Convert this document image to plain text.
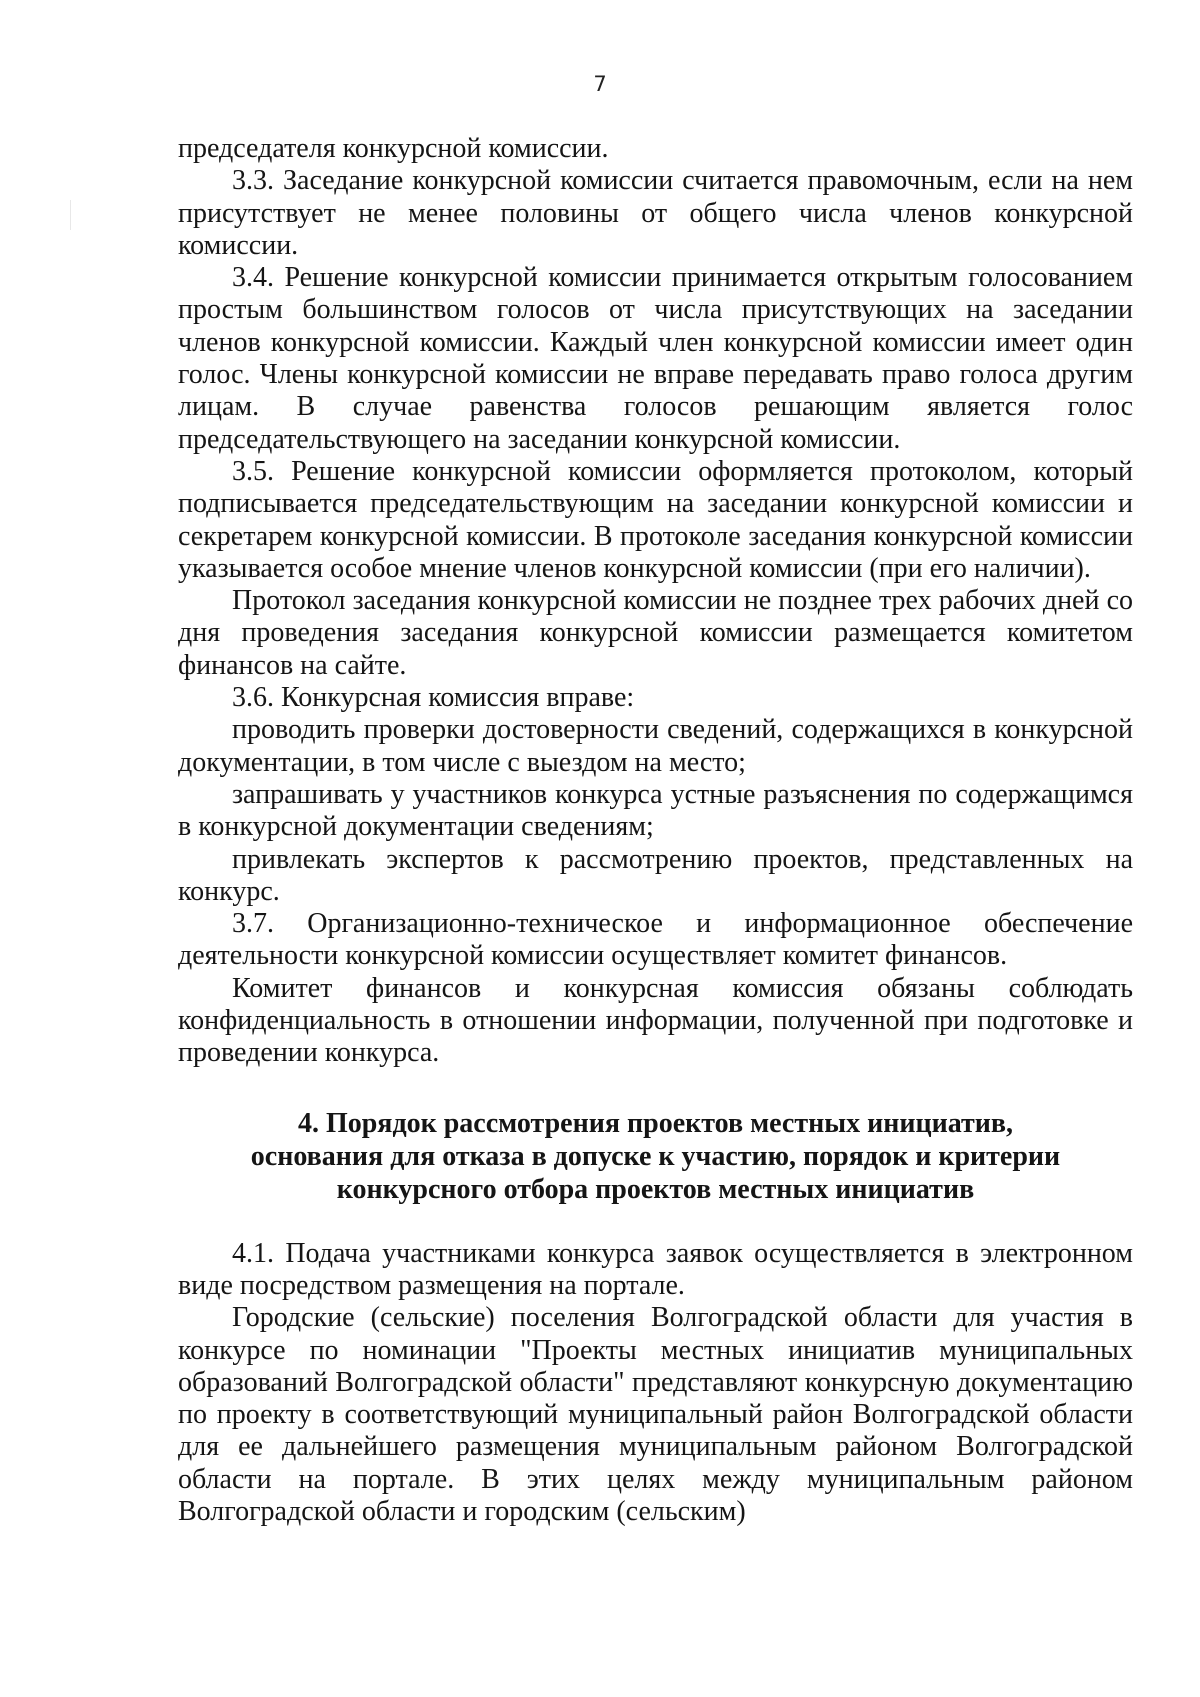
7

председателя конкурсной комиссии.

3.3. Заседание конкурсной комиссии считается правомочным, если на нем присутствует не менее половины от общего числа членов конкурсной комиссии.

3.4. Решение конкурсной комиссии принимается открытым голосованием простым большинством голосов от числа присутствующих на заседании членов конкурсной комиссии. Каждый член конкурсной комиссии имеет один голос. Члены конкурсной комиссии не вправе передавать право голоса другим лицам. В случае равенства голосов решающим является голос председательствующего на заседании конкурсной комиссии.

3.5. Решение конкурсной комиссии оформляется протоколом, который подписывается председательствующим на заседании конкурсной комиссии и секретарем конкурсной комиссии. В протоколе заседания конкурсной комиссии указывается особое мнение членов конкурсной комиссии (при его наличии).

Протокол заседания конкурсной комиссии не позднее трех рабочих дней со дня проведения заседания конкурсной комиссии размещается комитетом финансов на сайте.

3.6. Конкурсная комиссия вправе:

проводить проверки достоверности сведений, содержащихся в конкурсной документации, в том числе с выездом на место;

запрашивать у участников конкурса устные разъяснения по содержащимся в конкурсной документации сведениям;

привлекать экспертов к рассмотрению проектов, представленных на конкурс.

3.7. Организационно-техническое и информационное обеспечение деятельности конкурсной комиссии осуществляет комитет финансов.

Комитет финансов и конкурсная комиссия обязаны соблюдать конфиденциальность в отношении информации, полученной при подготовке и проведении конкурса.

4. Порядок рассмотрения проектов местных инициатив,
основания для отказа в допуске к участию, порядок и критерии
конкурсного отбора проектов местных инициатив

4.1. Подача участниками конкурса заявок осуществляется в электронном виде посредством размещения на портале.

Городские (сельские) поселения Волгоградской области для участия в конкурсе по номинации "Проекты местных инициатив муниципальных образований Волгоградской области" представляют конкурсную документацию по проекту в соответствующий муниципальный район Волгоградской области для ее дальнейшего размещения муниципальным районом Волгоградской области на портале. В этих целях между муниципальным районом Волгоградской области и городским (сельским)
